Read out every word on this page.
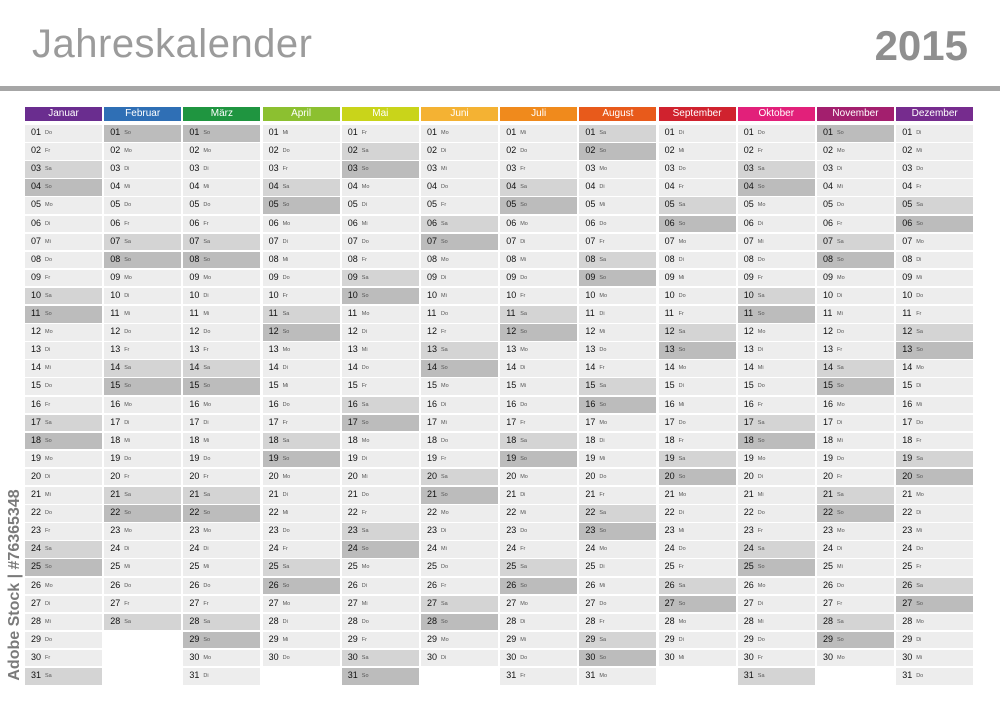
Jahreskalender	2015
Adobe Stock | #76365348
Januar
01 Do
02 Fr
03 Sa
04 So
05 Mo
06 Di
07 Mi
08 Do
09 Fr
10 Sa
11 So
12 Mo
13 Di
14 Mi
15 Do
16 Fr
17 Sa
18 So
19 Mo
20 Di
21 Mi
22 Do
23 Fr
24 Sa
25 So
26 Mo
27 Di
28 Mi
29 Do
30 Fr
31 Sa
Februar
01 So
02 Mo
03 Di
04 Mi
05 Do
06 Fr
07 Sa
08 So
09 Mo
10 Di
11 Mi
12 Do
13 Fr
14 Sa
15 So
16 Mo
17 Di
18 Mi
19 Do
20 Fr
21 Sa
22 So
23 Mo
24 Di
25 Mi
26 Do
27 Fr
28 Sa
März
01 So
02 Mo
03 Di
04 Mi
05 Do
06 Fr
07 Sa
08 So
09 Mo
10 Di
11 Mi
12 Do
13 Fr
14 Sa
15 So
16 Mo
17 Di
18 Mi
19 Do
20 Fr
21 Sa
22 So
23 Mo
24 Di
25 Mi
26 Do
27 Fr
28 Sa
29 So
30 Mo
31 Di
April
01 Mi
02 Do
03 Fr
04 Sa
05 So
06 Mo
07 Di
08 Mi
09 Do
10 Fr
11 Sa
12 So
13 Mo
14 Di
15 Mi
16 Do
17 Fr
18 Sa
19 So
20 Mo
21 Di
22 Mi
23 Do
24 Fr
25 Sa
26 So
27 Mo
28 Di
29 Mi
30 Do
Mai
01 Fr
02 Sa
03 So
04 Mo
05 Di
06 Mi
07 Do
08 Fr
09 Sa
10 So
11 Mo
12 Di
13 Mi
14 Do
15 Fr
16 Sa
17 So
18 Mo
19 Di
20 Mi
21 Do
22 Fr
23 Sa
24 So
25 Mo
26 Di
27 Mi
28 Do
29 Fr
30 Sa
31 So
Juni
01 Mo
02 Di
03 Mi
04 Do
05 Fr
06 Sa
07 So
08 Mo
09 Di
10 Mi
11 Do
12 Fr
13 Sa
14 So
15 Mo
16 Di
17 Mi
18 Do
19 Fr
20 Sa
21 So
22 Mo
23 Di
24 Mi
25 Do
26 Fr
27 Sa
28 So
29 Mo
30 Di
Juli
01 Mi
02 Do
03 Fr
04 Sa
05 So
06 Mo
07 Di
08 Mi
09 Do
10 Fr
11 Sa
12 So
13 Mo
14 Di
15 Mi
16 Do
17 Fr
18 Sa
19 So
20 Mo
21 Di
22 Mi
23 Do
24 Fr
25 Sa
26 So
27 Mo
28 Di
29 Mi
30 Do
31 Fr
August
01 Sa
02 So
03 Mo
04 Di
05 Mi
06 Do
07 Fr
08 Sa
09 So
10 Mo
11 Di
12 Mi
13 Do
14 Fr
15 Sa
16 So
17 Mo
18 Di
19 Mi
20 Do
21 Fr
22 Sa
23 So
24 Mo
25 Di
26 Mi
27 Do
28 Fr
29 Sa
30 So
31 Mo
September
01 Di
02 Mi
03 Do
04 Fr
05 Sa
06 So
07 Mo
08 Di
09 Mi
10 Do
11 Fr
12 Sa
13 So
14 Mo
15 Di
16 Mi
17 Do
18 Fr
19 Sa
20 So
21 Mo
22 Di
23 Mi
24 Do
25 Fr
26 Sa
27 So
28 Mo
29 Di
30 Mi
Oktober
01 Do
02 Fr
03 Sa
04 So
05 Mo
06 Di
07 Mi
08 Do
09 Fr
10 Sa
11 So
12 Mo
13 Di
14 Mi
15 Do
16 Fr
17 Sa
18 So
19 Mo
20 Di
21 Mi
22 Do
23 Fr
24 Sa
25 So
26 Mo
27 Di
28 Mi
29 Do
30 Fr
31 Sa
November
01 So
02 Mo
03 Di
04 Mi
05 Do
06 Fr
07 Sa
08 So
09 Mo
10 Di
11 Mi
12 Do
13 Fr
14 Sa
15 So
16 Mo
17 Di
18 Mi
19 Do
20 Fr
21 Sa
22 So
23 Mo
24 Di
25 Mi
26 Do
27 Fr
28 Sa
29 So
30 Mo
Dezember
01 Di
02 Mi
03 Do
04 Fr
05 Sa
06 So
07 Mo
08 Di
09 Mi
10 Do
11 Fr
12 Sa
13 So
14 Mo
15 Di
16 Mi
17 Do
18 Fr
19 Sa
20 So
21 Mo
22 Di
23 Mi
24 Do
25 Fr
26 Sa
27 So
28 Mo
29 Di
30 Mi
31 Do
